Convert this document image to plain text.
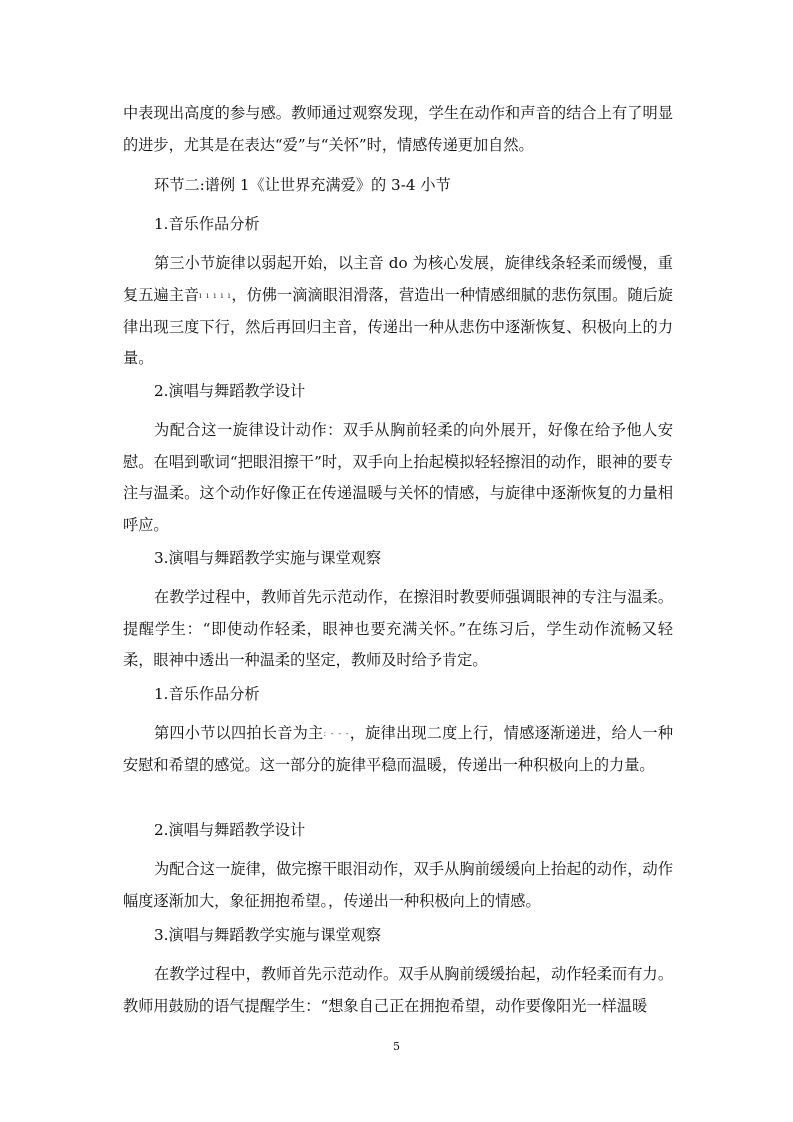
中表现出高度的参与感。教师通过观察发现，学生在动作和声音的结合上有了明显的进步，尤其是在表达“爱”与“关怀”时，情感传递更加自然。

环节二:谱例 1《让世界充满爱》的 3-4 小节

1.音乐作品分析

第三小节旋律以弱起开始，以主音 do 为核心发展，旋律线条轻柔而缓慢，重复五遍主音ı ı ı ı ı，仿佛一滴滴眼泪滑落，营造出一种情感细腻的悲伤氛围。随后旋律出现三度下行，然后再回归主音，传递出一种从悲伤中逐渐恢复、积极向上的力量。

2.演唱与舞蹈教学设计

为配合这一旋律设计动作：双手从胸前轻柔的向外展开，好像在给予他人安慰。在唱到歌词“把眼泪擦干”时，双手向上抬起模拟轻轻擦泪的动作，眼神的要专注与温柔。这个动作好像正在传递温暖与关怀的情感，与旋律中逐渐恢复的力量相呼应。

3.演唱与舞蹈教学实施与课堂观察

在教学过程中，教师首先示范动作，在擦泪时教要师强调眼神的专注与温柔。提醒学生：“即使动作轻柔，眼神也要充满关怀。”在练习后，学生动作流畅又轻柔，眼神中透出一种温柔的坚定，教师及时给予肯定。

1.音乐作品分析

第四小节以四拍长音为主ː - - -，旋律出现二度上行，情感逐渐递进，给人一种安慰和希望的感觉。这一部分的旋律平稳而温暖，传递出一种积极向上的力量。

2.演唱与舞蹈教学设计

为配合这一旋律，做完擦干眼泪动作，双手从胸前缓缓向上抬起的动作，动作幅度逐渐加大，象征拥抱希望。，传递出一种积极向上的情感。

3.演唱与舞蹈教学实施与课堂观察

在教学过程中，教师首先示范动作。双手从胸前缓缓抬起，动作轻柔而有力。教师用鼓励的语气提醒学生：“想象自己正在拥抱希望，动作要像阳光一样温暖

5
